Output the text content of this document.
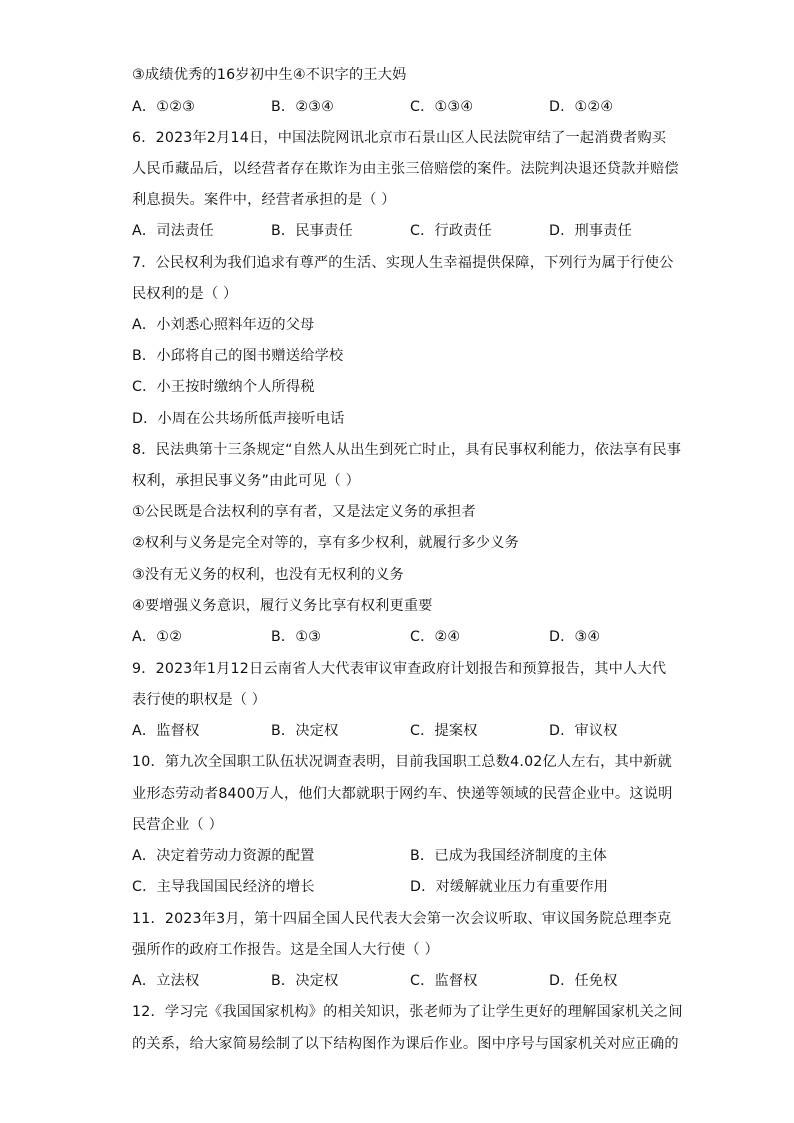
③成绩优秀的16岁初中生④不识字的王大妈
A．①②③	B．②③④	C．①③④	D．①②④
6．2023年2月14日，中国法院网讯北京市石景山区人民法院审结了一起消费者购买
人民币藏品后，以经营者存在欺诈为由主张三倍赔偿的案件。法院判决退还贷款并赔偿
利息损失。案件中，经营者承担的是（ ）
A．司法责任	B．民事责任	C．行政责任	D．刑事责任
7．公民权利为我们追求有尊严的生活、实现人生幸福提供保障，下列行为属于行使公
民权利的是（ ）
A．小刘悉心照料年迈的父母
B．小邱将自己的图书赠送给学校
C．小王按时缴纳个人所得税
D．小周在公共场所低声接听电话
8．民法典第十三条规定“自然人从出生到死亡时止，具有民事权利能力，依法享有民事
权利，承担民事义务”由此可见（ ）
①公民既是合法权利的享有者，又是法定义务的承担者
②权利与义务是完全对等的，享有多少权利，就履行多少义务
③没有无义务的权利，也没有无权利的义务
④要增强义务意识，履行义务比享有权利更重要
A．①②	B．①③	C．②④	D．③④
9．2023年1月12日云南省人大代表审议审查政府计划报告和预算报告，其中人大代
表行使的职权是（ ）
A．监督权	B．决定权	C．提案权	D．审议权
10．第九次全国职工队伍状况调查表明，目前我国职工总数4.02亿人左右，其中新就
业形态劳动者8400万人，他们大都就职于网约车、快递等领域的民营企业中。这说明
民营企业（ ）
A．决定着劳动力资源的配置	B．已成为我国经济制度的主体
C．主导我国国民经济的增长	D．对缓解就业压力有重要作用
11．2023年3月，第十四届全国人民代表大会第一次会议听取、审议国务院总理李克
强所作的政府工作报告。这是全国人大行使（ ）
A．立法权	B．决定权	C．监督权	D．任免权
12．学习完《我国国家机构》的相关知识，张老师为了让学生更好的理解国家机关之间
的关系，给大家简易绘制了以下结构图作为课后作业。图中序号与国家机关对应正确的
